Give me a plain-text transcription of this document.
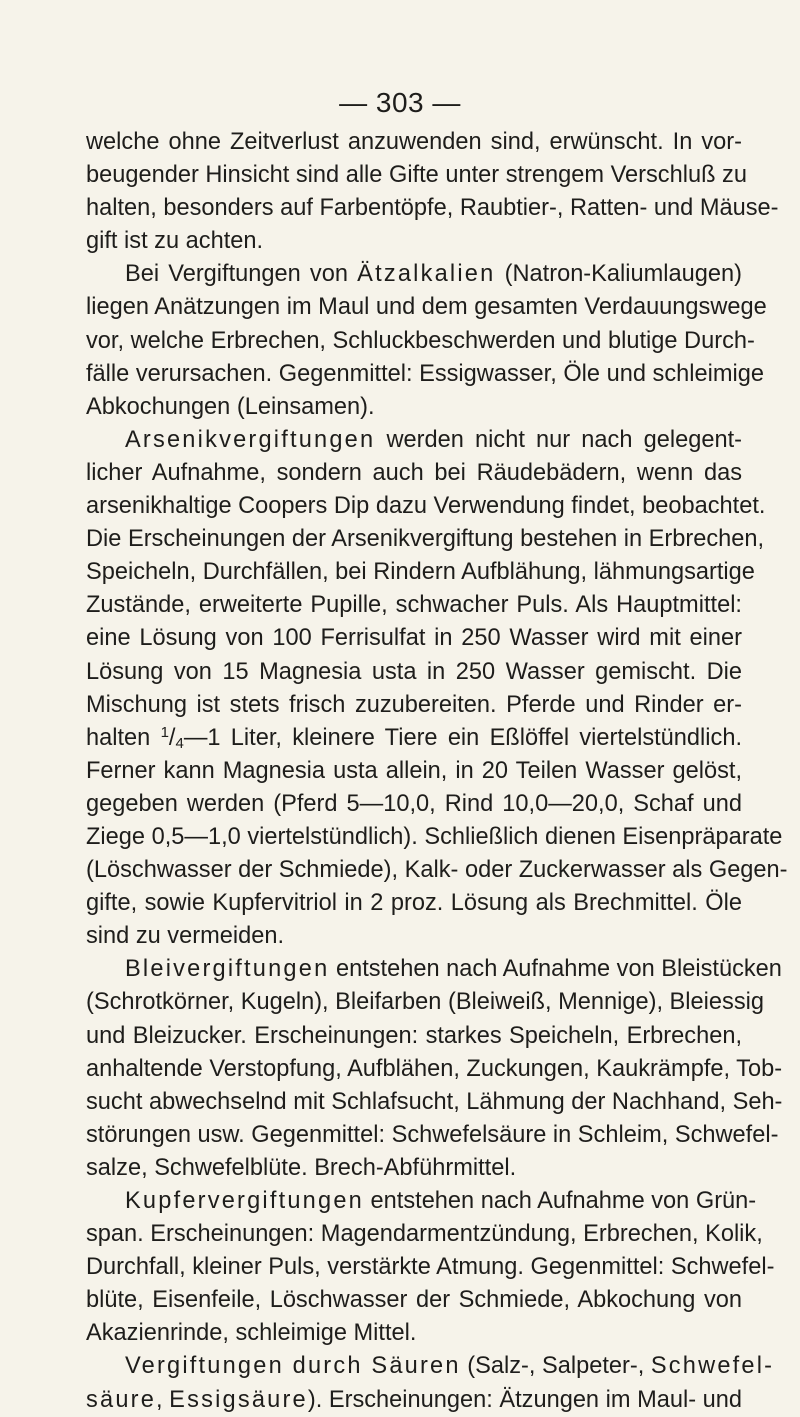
— 303 —
welche ohne Zeitverlust anzuwenden sind, erwünscht. In vor-
beugender Hinsicht sind alle Gifte unter strengem Verschluß zu
halten, besonders auf Farbentöpfe, Raubtier-, Ratten- und Mäuse-
gift ist zu achten.
Bei Vergiftungen von Ätzalkalien (Natron-Kaliumlaugen)
liegen Anätzungen im Maul und dem gesamten Verdauungswege
vor, welche Erbrechen, Schluckbeschwerden und blutige Durch-
fälle verursachen. Gegenmittel: Essigwasser, Öle und schleimige
Abkochungen (Leinsamen).
Arsenikvergiftungen werden nicht nur nach gelegent-
licher Aufnahme, sondern auch bei Räudebädern, wenn das
arsenikhaltige Coopers Dip dazu Verwendung findet, beobachtet.
Die Erscheinungen der Arsenikvergiftung bestehen in Erbrechen,
Speicheln, Durchfällen, bei Rindern Aufblähung, lähmungsartige
Zustände, erweiterte Pupille, schwacher Puls. Als Hauptmittel:
eine Lösung von 100 Ferrisulfat in 250 Wasser wird mit einer
Lösung von 15 Magnesia usta in 250 Wasser gemischt. Die
Mischung ist stets frisch zuzubereiten. Pferde und Rinder er-
halten $^1/_4—1$ Liter, kleinere Tiere ein Eßlöffel viertelstündlich.
Ferner kann Magnesia usta allein, in 20 Teilen Wasser gelöst,
gegeben werden (Pferd 5—10,0, Rind 10,0—20,0, Schaf und
Ziege 0,5—1,0 viertelstündlich). Schließlich dienen Eisenpräparate
(Löschwasser der Schmiede), Kalk- oder Zuckerwasser als Gegen-
gifte, sowie Kupfervitriol in 2 proz. Lösung als Brechmittel. Öle
sind zu vermeiden.
Bleivergiftungen entstehen nach Aufnahme von Bleistücken
(Schrotkörner, Kugeln), Bleifarben (Bleiweiß, Mennige), Bleiessig
und Bleizucker. Erscheinungen: starkes Speicheln, Erbrechen,
anhaltende Verstopfung, Aufblähen, Zuckungen, Kaukrämpfe, Tob-
sucht abwechselnd mit Schlafsucht, Lähmung der Nachhand, Seh-
störungen usw. Gegenmittel: Schwefelsäure in Schleim, Schwefel-
salze, Schwefelblüte. Brech-Abführmittel.
Kupfervergiftungen entstehen nach Aufnahme von Grün-
span. Erscheinungen: Magendarmentzündung, Erbrechen, Kolik,
Durchfall, kleiner Puls, verstärkte Atmung. Gegenmittel: Schwefel-
blüte, Eisenfeile, Löschwasser der Schmiede, Abkochung von
Akazienrinde, schleimige Mittel.
Vergiftungen durch Säuren (Salz-, Salpeter-, Schwefel-
säure, Essigsäure). Erscheinungen: Ätzungen im Maul- und
